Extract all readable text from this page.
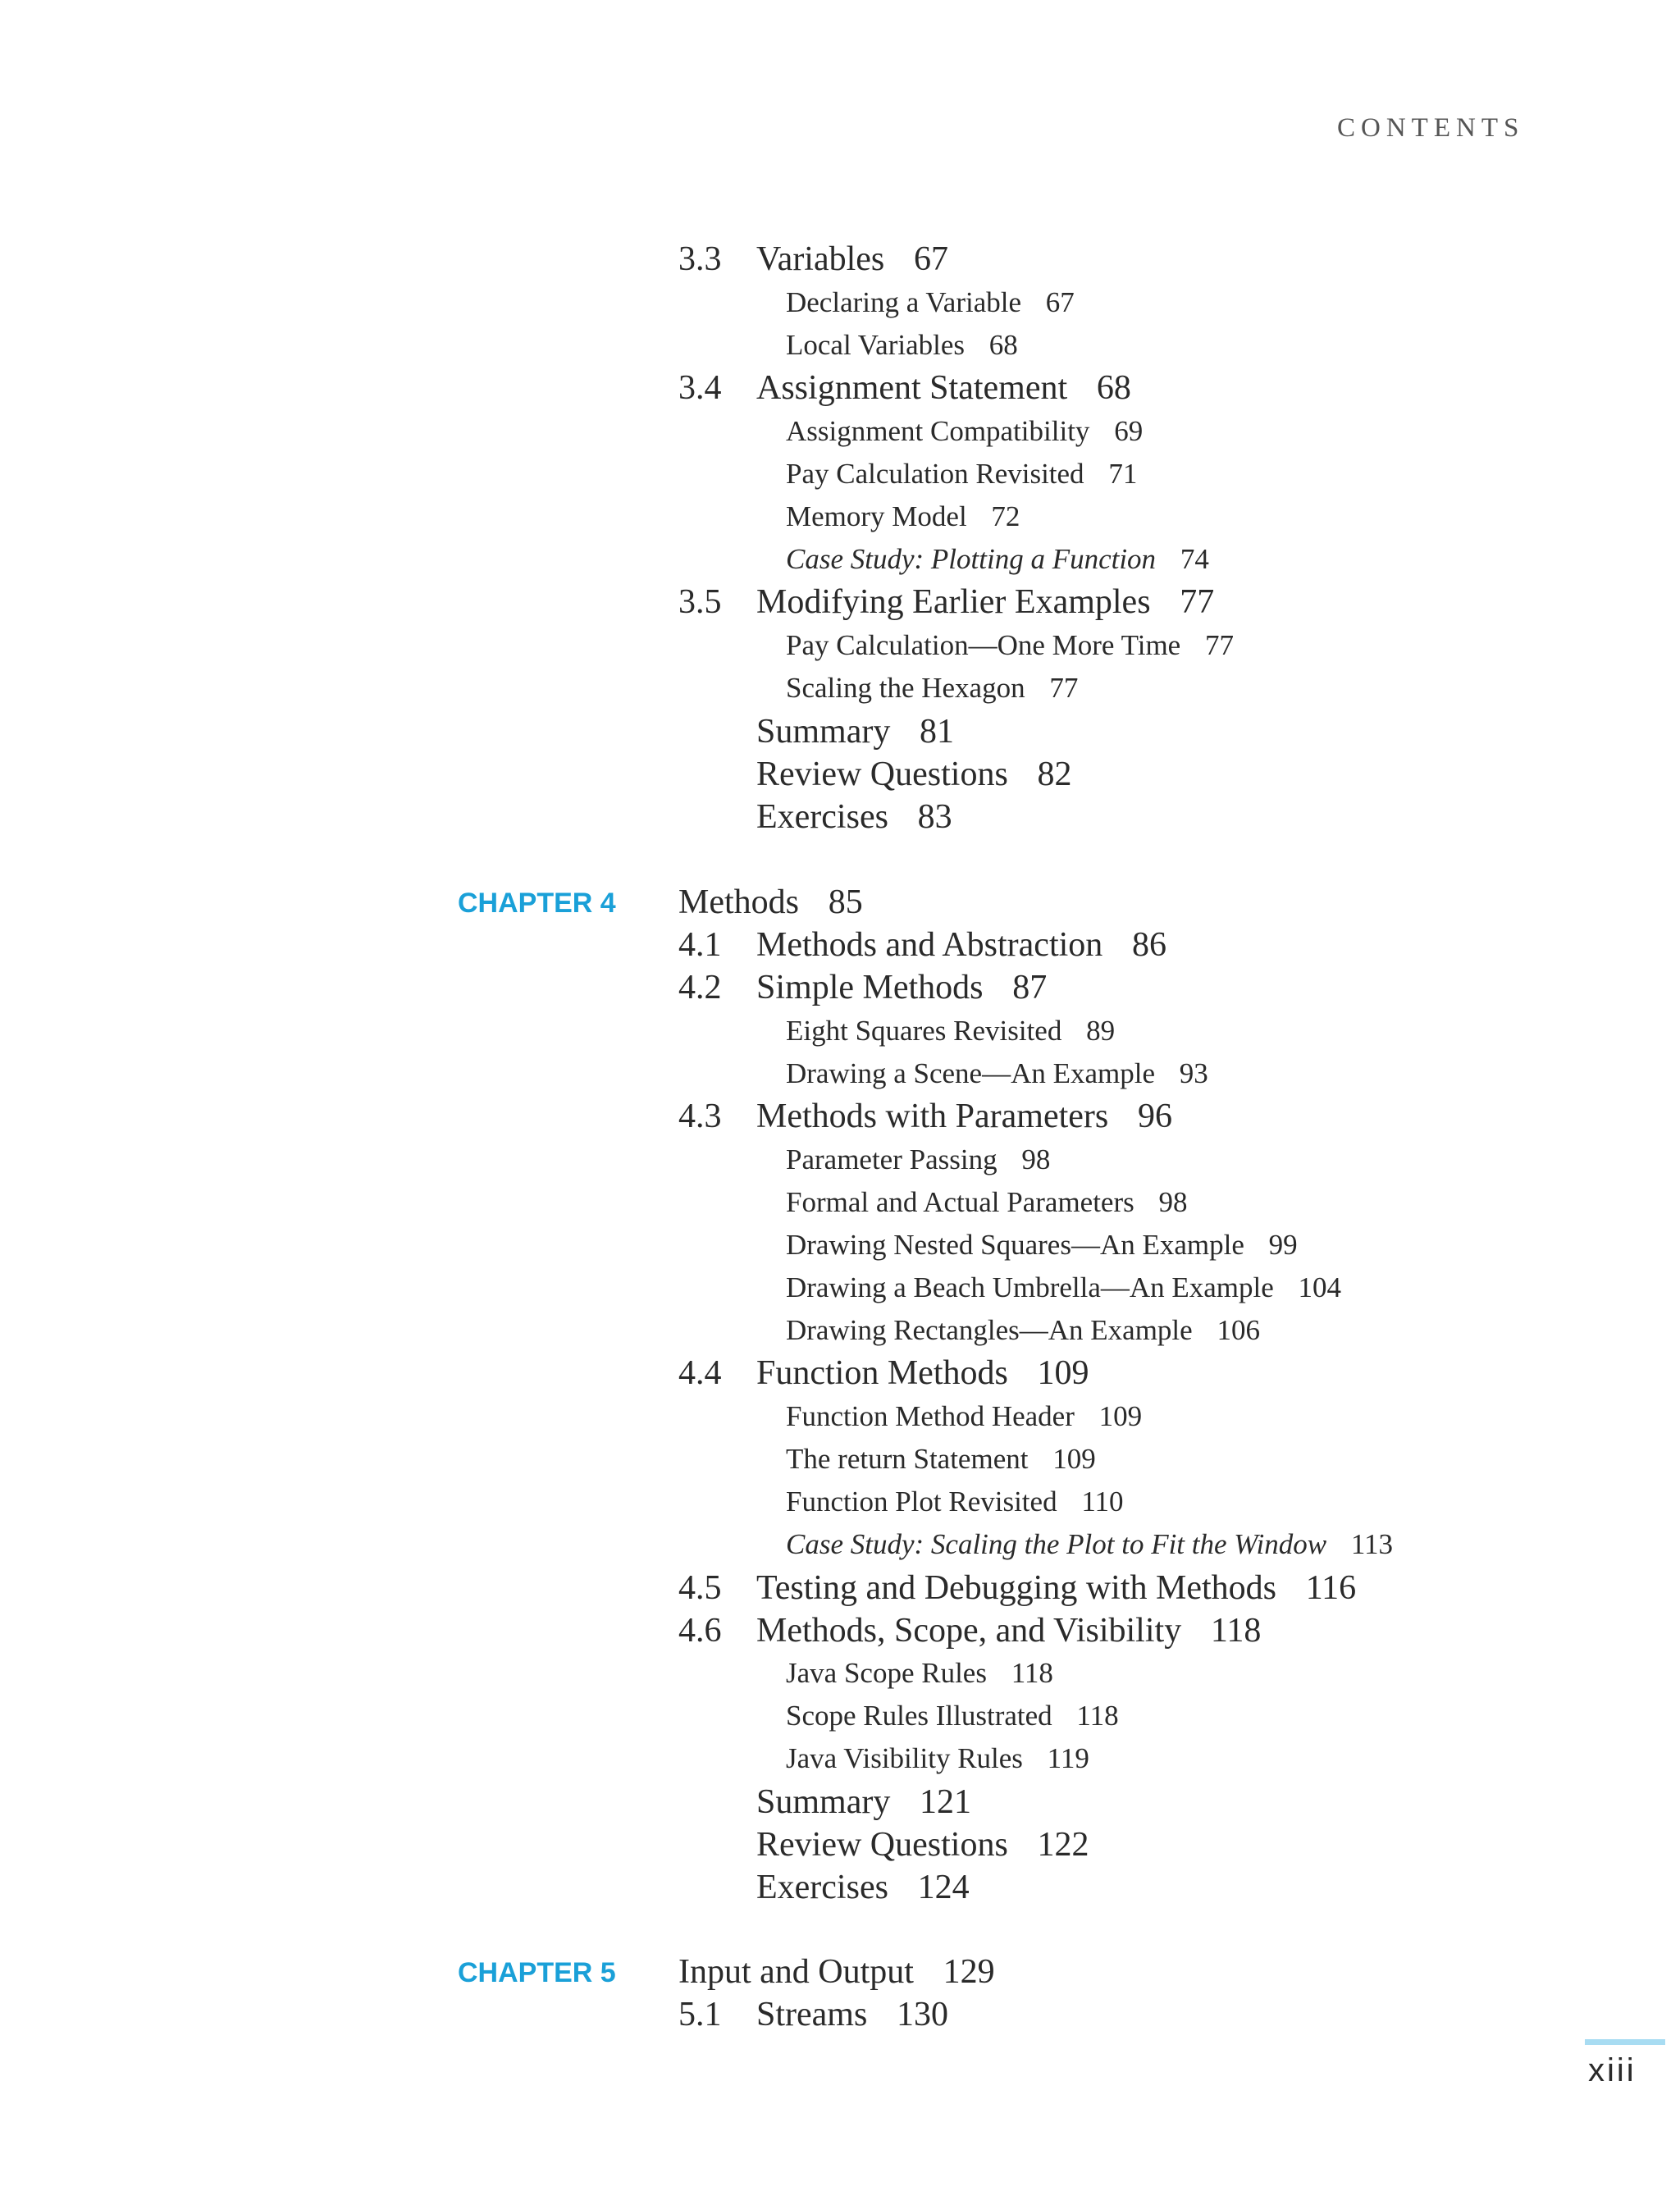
CONTENTS
3.3 Variables 67
Declaring a Variable 67
Local Variables 68
3.4 Assignment Statement 68
Assignment Compatibility 69
Pay Calculation Revisited 71
Memory Model 72
Case Study: Plotting a Function 74
3.5 Modifying Earlier Examples 77
Pay Calculation—One More Time 77
Scaling the Hexagon 77
Summary 81
Review Questions 82
Exercises 83
CHAPTER 4 Methods 85
4.1 Methods and Abstraction 86
4.2 Simple Methods 87
Eight Squares Revisited 89
Drawing a Scene—An Example 93
4.3 Methods with Parameters 96
Parameter Passing 98
Formal and Actual Parameters 98
Drawing Nested Squares—An Example 99
Drawing a Beach Umbrella—An Example 104
Drawing Rectangles—An Example 106
4.4 Function Methods 109
Function Method Header 109
The return Statement 109
Function Plot Revisited 110
Case Study: Scaling the Plot to Fit the Window 113
4.5 Testing and Debugging with Methods 116
4.6 Methods, Scope, and Visibility 118
Java Scope Rules 118
Scope Rules Illustrated 118
Java Visibility Rules 119
Summary 121
Review Questions 122
Exercises 124
CHAPTER 5 Input and Output 129
5.1 Streams 130
xiii
